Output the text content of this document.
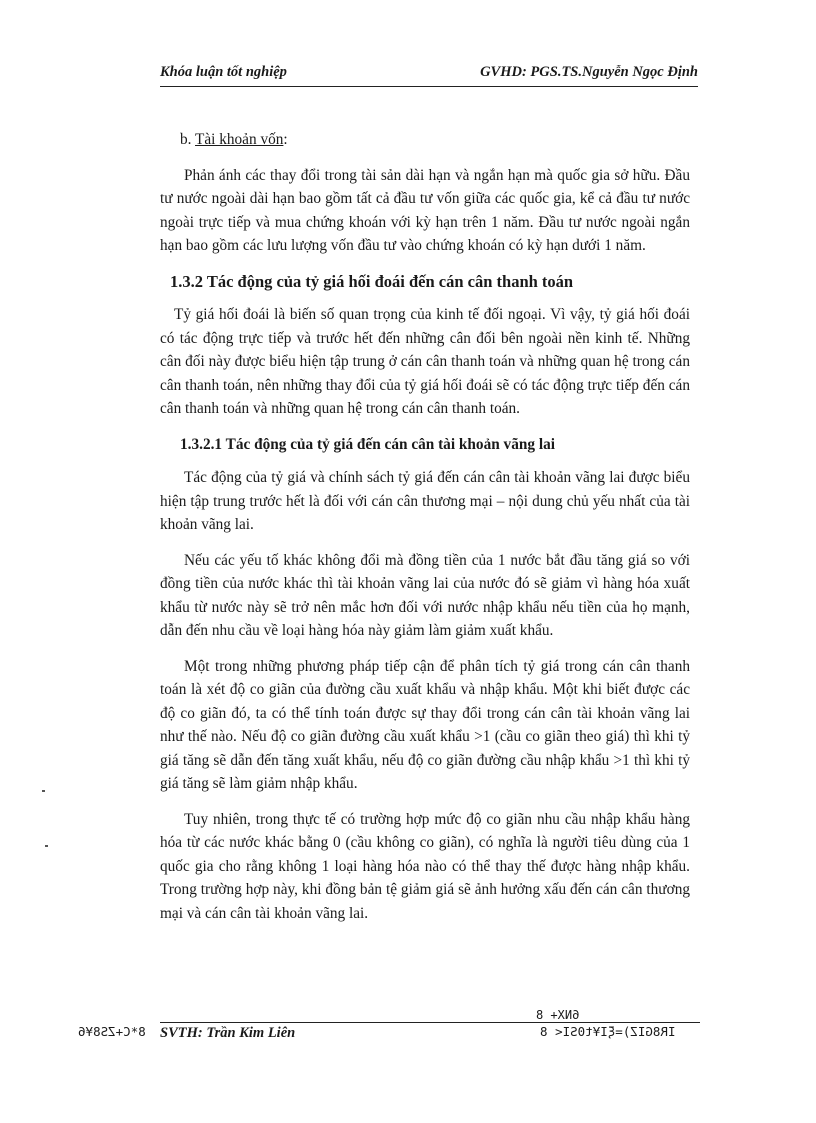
Khóa luận tốt nghiệp	GVHD: PGS.TS.Nguyễn Ngọc Định

b. Tài khoản vốn:

Phản ánh các thay đổi trong tài sản dài hạn và ngắn hạn mà quốc gia sở hữu. Đầu tư nước ngoài dài hạn bao gồm tất cả đầu tư vốn giữa các quốc gia, kể cả đầu tư nước ngoài trực tiếp và mua chứng khoán với kỳ hạn trên 1 năm. Đầu tư nước ngoài ngắn hạn bao gồm các lưu lượng vốn đầu tư vào chứng khoán có kỳ hạn dưới 1 năm.

1.3.2 Tác động của tỷ giá hối đoái đến cán cân thanh toán

Tỷ giá hối đoái là biến số quan trọng của kinh tế đối ngoại. Vì vậy, tỷ giá hối đoái có tác động trực tiếp và trước hết đến những cân đối bên ngoài nền kinh tế. Những cân đối này được biểu hiện tập trung ở cán cân thanh toán và những quan hệ trong cán cân thanh toán, nên những thay đổi của tỷ giá hối đoái sẽ có tác động trực tiếp đến cán cân thanh toán và những quan hệ trong cán cân thanh toán.

1.3.2.1 Tác động của tỷ giá đến cán cân tài khoản vãng lai

Tác động của tỷ giá và chính sách tỷ giá đến cán cân tài khoản vãng lai được biểu hiện tập trung trước hết là đối với cán cân thương mại – nội dung chủ yếu nhất của tài khoản vãng lai.

Nếu các yếu tố khác không đổi mà đồng tiền của 1 nước bắt đầu tăng giá so với đồng tiền của nước khác thì tài khoản vãng lai của nước đó sẽ giảm vì hàng hóa xuất khẩu từ nước này sẽ trở nên mắc hơn đối với nước nhập khẩu nếu tiền của họ mạnh, dẫn đến nhu cầu về loại hàng hóa này giảm làm giảm xuất khẩu.

Một trong những phương pháp tiếp cận để phân tích tỷ giá trong cán cân thanh toán là xét độ co giãn của đường cầu xuất khẩu và nhập khẩu. Một khi biết được các độ co giãn đó, ta có thể tính toán được sự thay đổi trong cán cân tài khoản vãng lai như thế nào. Nếu độ co giãn đường cầu xuất khẩu >1 (cầu co giãn theo giá) thì khi tỷ giá tăng sẽ dẫn đến tăng xuất khẩu, nếu độ co giãn đường cầu nhập khẩu >1 thì khi tỷ giá tăng sẽ làm giảm nhập khẩu.

Tuy nhiên, trong thực tế có trường hợp mức độ co giãn nhu cầu nhập khẩu hàng hóa từ các nước khác bằng 0 (cầu không co giãn), có nghĩa là người tiêu dùng của 1 quốc gia cho rằng không 1 loại hàng hóa nào có thể thay thế được hàng nhập khẩu. Trong trường hợp này, khi đồng bản tệ giảm giá sẽ ảnh hưởng xấu đến cán cân thương mại và cán cân tài khoản vãng lai.

6NX+ 8
SVTH: Trần Kim Liên
8*C+ZS8¥6	IR8GIZ)=ξI¥t0SI< 8
